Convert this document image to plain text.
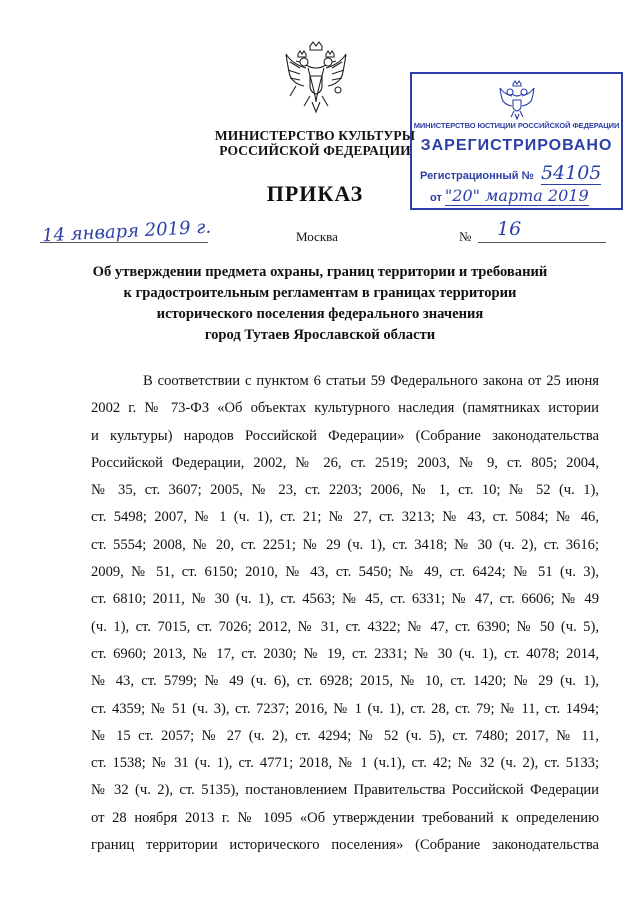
МИНИСТЕРСТВО КУЛЬТУРЫ
РОССИЙСКОЙ ФЕДЕРАЦИИ
ПРИКАЗ
МИНИСТЕРСТВО ЮСТИЦИИ РОССИЙСКОЙ ФЕДЕРАЦИИ
ЗАРЕГИСТРИРОВАНО
Регистрационный № 54105
от "20" марта 2019
14 января 2019 г.	Москва	№ 16
Об утверждении предмета охраны, границ территории и требований
к градостроительным регламентам в границах территории
исторического поселения федерального значения
город Тутаев Ярославской области
В соответствии с пунктом 6 статьи 59 Федерального закона от 25 июня
2002 г. № 73-ФЗ «Об объектах культурного наследия (памятниках истории
и культуры) народов Российской Федерации» (Собрание законодательства
Российской Федерации, 2002, № 26, ст. 2519; 2003, № 9, ст. 805; 2004,
№ 35, ст. 3607; 2005, № 23, ст. 2203; 2006, № 1, ст. 10; № 52 (ч. 1),
ст. 5498; 2007, № 1 (ч. 1), ст. 21; № 27, ст. 3213; № 43, ст. 5084; № 46,
ст. 5554; 2008, № 20, ст. 2251; № 29 (ч. 1), ст. 3418; № 30 (ч. 2), ст. 3616;
2009, № 51, ст. 6150; 2010, № 43, ст. 5450; № 49, ст. 6424; № 51 (ч. 3),
ст. 6810; 2011, № 30 (ч. 1), ст. 4563; № 45, ст. 6331; № 47, ст. 6606; № 49
(ч. 1), ст. 7015, ст. 7026; 2012, № 31, ст. 4322; № 47, ст. 6390; № 50 (ч. 5),
ст. 6960; 2013, № 17, ст. 2030; № 19, ст. 2331; № 30 (ч. 1), ст. 4078; 2014,
№ 43, ст. 5799; № 49 (ч. 6), ст. 6928; 2015, № 10, ст. 1420; № 29 (ч. 1),
ст. 4359; № 51 (ч. 3), ст. 7237; 2016, № 1 (ч. 1), ст. 28, ст. 79; № 11, ст. 1494;
№ 15 ст. 2057; № 27 (ч. 2), ст. 4294; № 52 (ч. 5), ст. 7480; 2017, № 11,
ст. 1538; № 31 (ч. 1), ст. 4771; 2018, № 1 (ч.1), ст. 42; № 32 (ч. 2), ст. 5133;
№ 32 (ч. 2), ст. 5135), постановлением Правительства Российской Федерации
от 28 ноября 2013 г. № 1095 «Об утверждении требований к определению
границ территории исторического поселения» (Собрание законодательства
